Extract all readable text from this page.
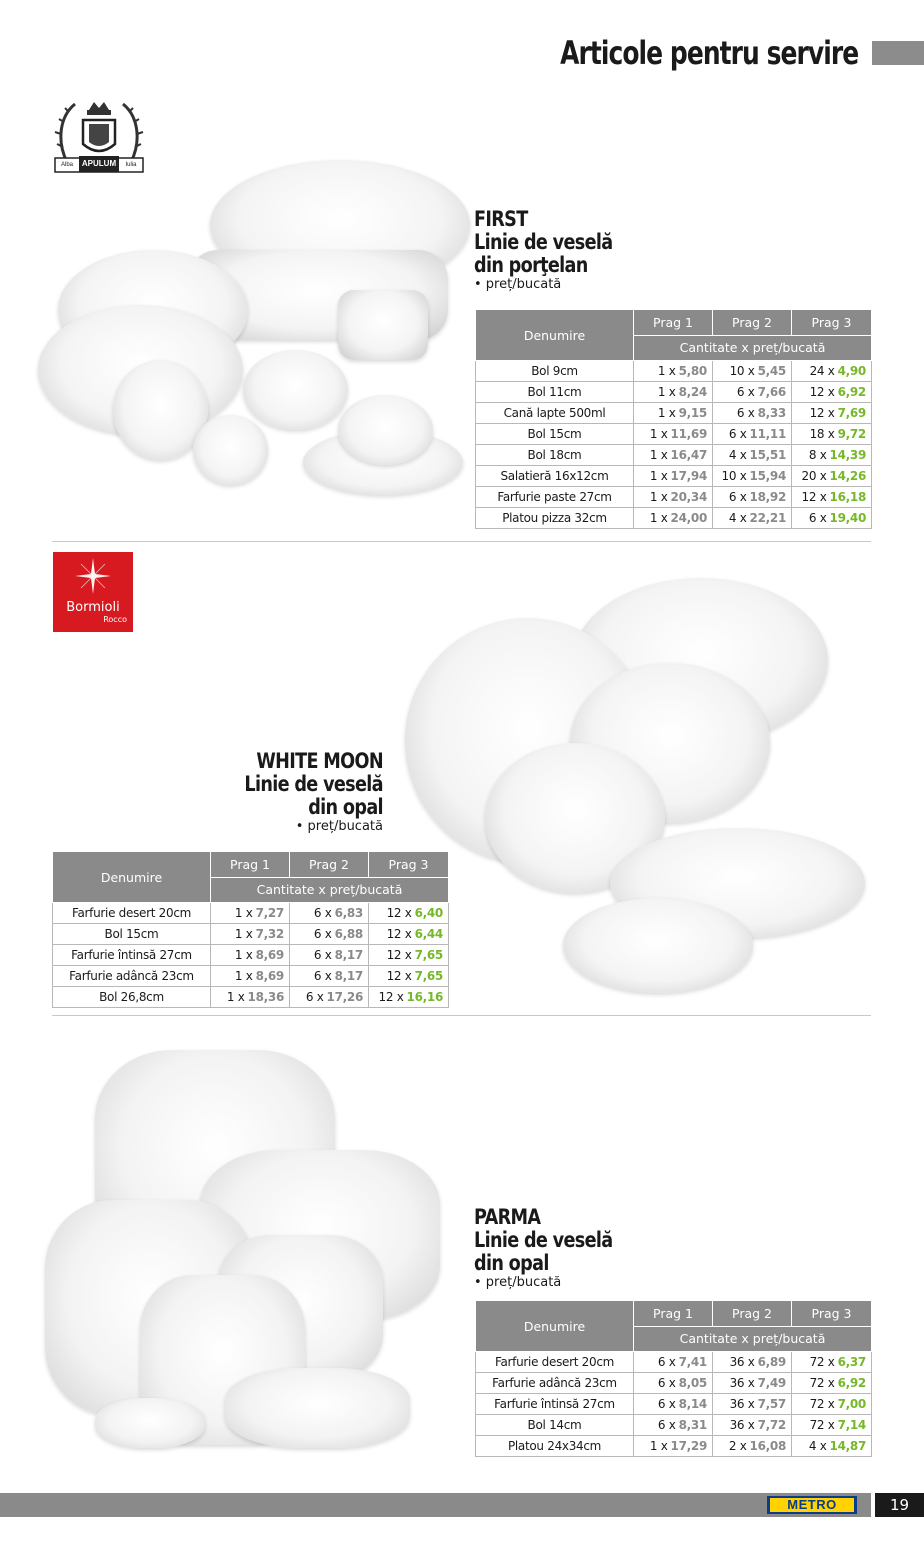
Articole pentru servire
APULUM
Alba	Iulia
FIRST
Linie de veselă
din porţelan
• preț/bucată
Denumire	Prag 1	Prag 2	Prag 3
	Cantitate x preț/bucată		
Bol 9cm	1 x 5,80	10 x 5,45	24 x 4,90
Bol 11cm	1 x 8,24	6 x 7,66	12 x 6,92
Cană lapte 500ml	1 x 9,15	6 x 8,33	12 x 7,69
Bol 15cm	1 x 11,69	6 x 11,11	18 x 9,72
Bol 18cm	1 x 16,47	4 x 15,51	8 x 14,39
Salatieră 16x12cm	1 x 17,94	10 x 15,94	20 x 14,26
Farfurie paste 27cm	1 x 20,34	6 x 18,92	12 x 16,18
Platou pizza 32cm	1 x 24,00	4 x 22,21	6 x 19,40
Bormioli
Rocco
WHITE MOON
Linie de veselă
din opal
• preț/bucată
Denumire	Prag 1	Prag 2	Prag 3
	Cantitate x preț/bucată		
Farfurie desert 20cm	1 x 7,27	6 x 6,83	12 x 6,40
Bol 15cm	1 x 7,32	6 x 6,88	12 x 6,44
Farfurie întinsă 27cm	1 x 8,69	6 x 8,17	12 x 7,65
Farfurie adâncă 23cm	1 x 8,69	6 x 8,17	12 x 7,65
Bol 26,8cm	1 x 18,36	6 x 17,26	12 x 16,16
PARMA
Linie de veselă
din opal
• preț/bucată
Denumire	Prag 1	Prag 2	Prag 3
	Cantitate x preț/bucată		
Farfurie desert 20cm	6 x 7,41	36 x 6,89	72 x 6,37
Farfurie adâncă 23cm	6 x 8,05	36 x 7,49	72 x 6,92
Farfurie întinsă 27cm	6 x 8,14	36 x 7,57	72 x 7,00
Bol 14cm	6 x 8,31	36 x 7,72	72 x 7,14
Platou 24x34cm	1 x 17,29	2 x 16,08	4 x 14,87
METRO	19
